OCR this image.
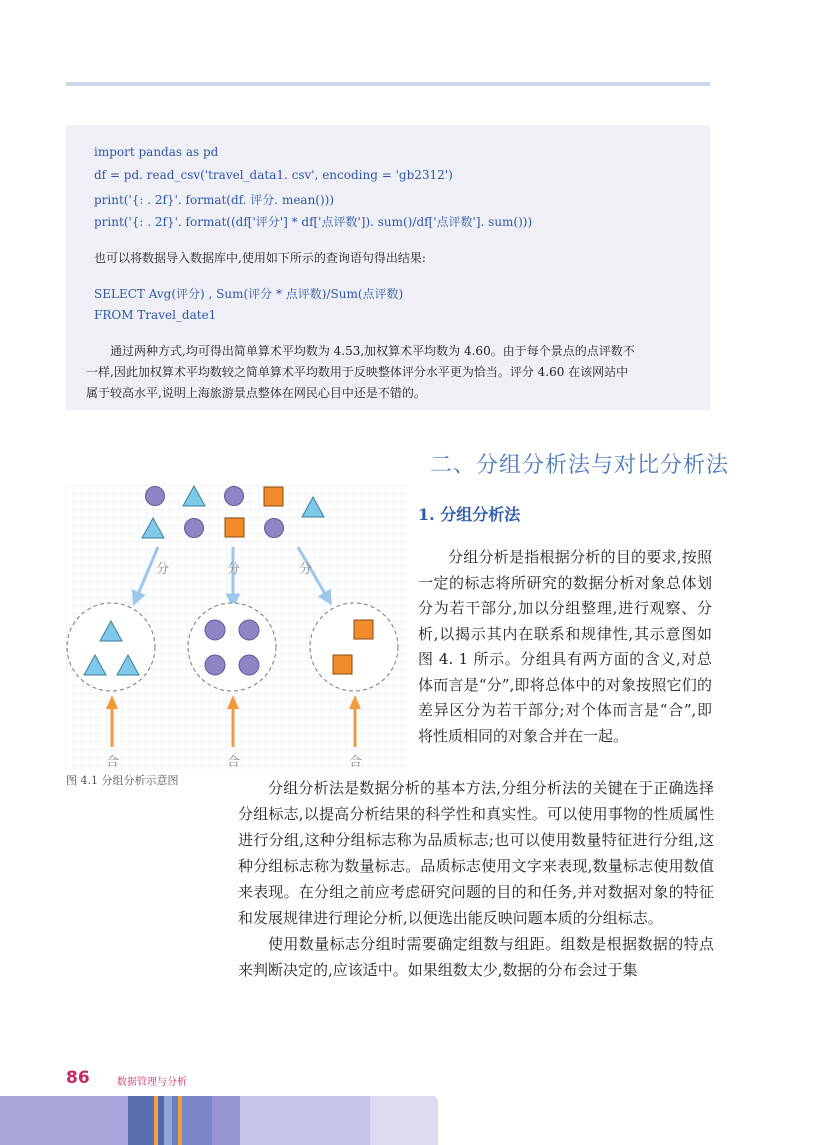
import pandas as pd
df = pd. read_csv('travel_data1. csv', encoding = 'gb2312')
print('{: . 2f}'. format(df. 评分. mean()))
print('{: . 2f}'. format((df['评分'] * df['点评数']). sum()/df['点评数']. sum()))
也可以将数据导入数据库中,使用如下所示的查询语句得出结果:
SELECT Avg(评分) , Sum(评分 * 点评数)/Sum(点评数)
FROM Travel_date1
通过两种方式,均可得出简单算术平均数为 4.53,加权算术平均数为 4.60。由于每个景点的点评数不
一样,因此加权算术平均数较之简单算术平均数用于反映整体评分水平更为恰当。评分 4.60 在该网站中
属于较高水平,说明上海旅游景点整体在网民心目中还是不错的。
二、分组分析法与对比分析法
1. 分组分析法

分组分析是指根据分析的目的要求,按照一定的标志将所研究的数据分析对象总体划分为若干部分,加以分组整理,进行观察、分析,以揭示其内在联系和规律性,其示意图如图 4. 1 所示。分组具有两方面的含义,对总体而言是“分”,即将总体中的对象按照它们的差异区分为若干部分;对个体而言是“合”,即将性质相同的对象合并在一起。

分	分	分
合	合	合
图 4.1 分组分析示意图	分组分析法是数据分析的基本方法,分组分析法的关键在于正确选择分组标志,以提高分析结果的科学性和真实性。可以使用事物的性质属性进行分组,这种分组标志称为品质标志;也可以使用数量特征进行分组,这种分组标志称为数量标志。品质标志使用文字来表现,数量标志使用数值来表现。在分组之前应考虑研究问题的目的和任务,并对数据对象的特征和发展规律进行理论分析,以便选出能反映问题本质的分组标志。

使用数量标志分组时需要确定组数与组距。组数是根据数据的特点来判断决定的,应该适中。如果组数太少,数据的分布会过于集

86	数据管理与分析
